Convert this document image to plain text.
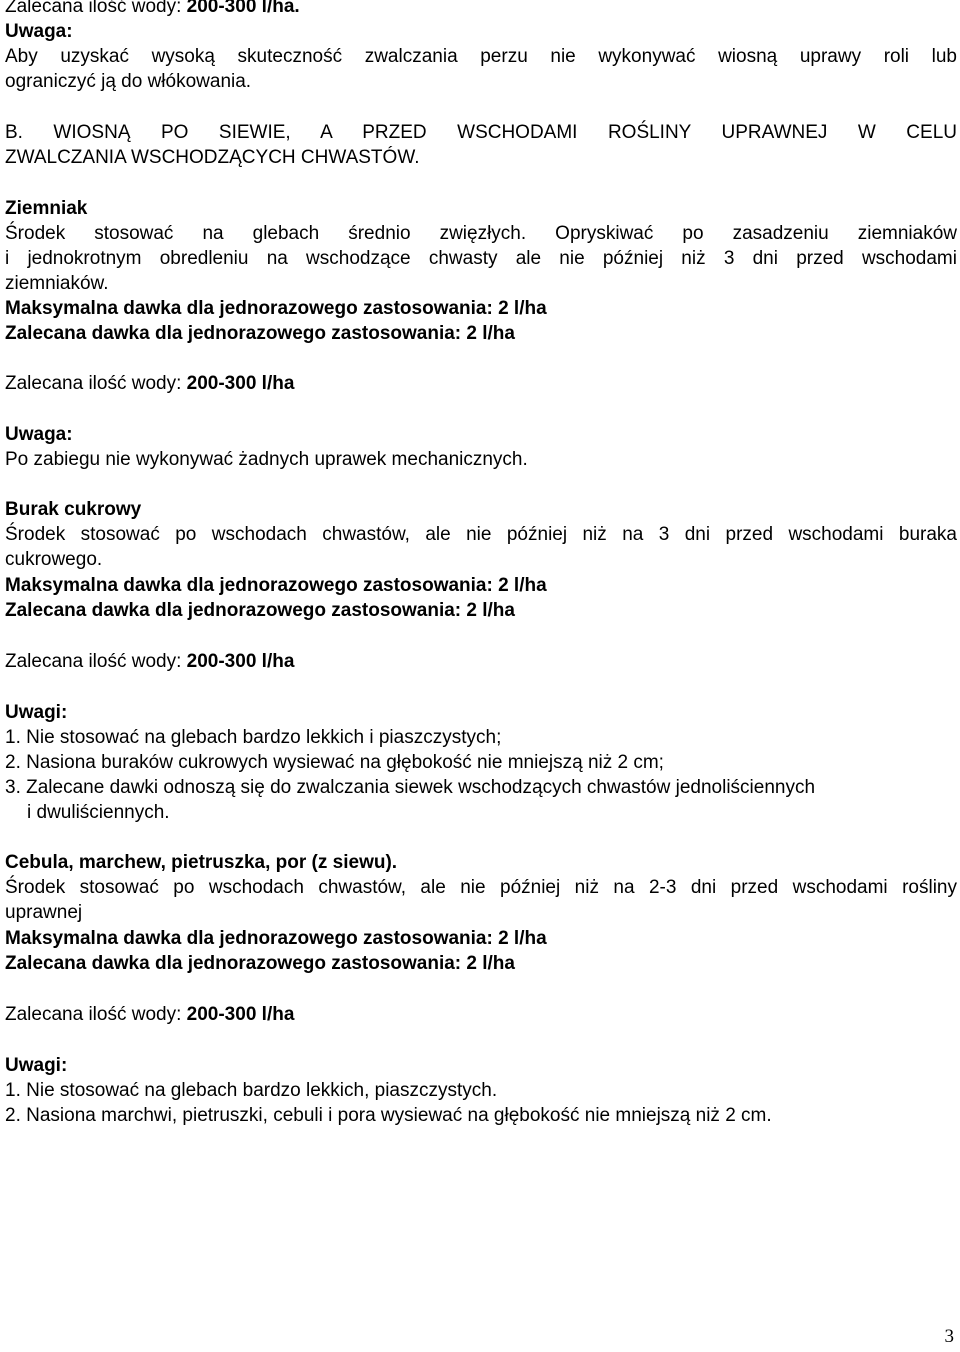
Zalecana ilość wody: 200-300 l/ha.
Uwaga:
Aby uzyskać wysoką skuteczność zwalczania perzu nie wykonywać wiosną uprawy roli lub
ograniczyć ją do włókowania.
B. WIOSNĄ PO SIEWIE, A PRZED WSCHODAMI ROŚLINY UPRAWNEJ W CELU
ZWALCZANIA WSCHODZĄCYCH CHWASTÓW.
Ziemniak
Środek stosować na glebach średnio zwięzłych. Opryskiwać po zasadzeniu ziemniaków
i jednokrotnym obredleniu na wschodzące chwasty ale nie później niż 3 dni przed wschodami
ziemniaków.
Maksymalna dawka dla jednorazowego zastosowania: 2 l/ha
Zalecana dawka dla jednorazowego zastosowania: 2 l/ha
Zalecana ilość wody: 200-300 l/ha
Uwaga:
Po zabiegu nie wykonywać żadnych uprawek mechanicznych.
Burak cukrowy
Środek stosować po wschodach chwastów, ale nie później niż na 3 dni przed wschodami buraka
cukrowego.
Maksymalna dawka dla jednorazowego zastosowania: 2 l/ha
Zalecana dawka dla jednorazowego zastosowania: 2 l/ha
Zalecana ilość wody: 200-300 l/ha
Uwagi:
1. Nie stosować na glebach bardzo lekkich i piaszczystych;
2. Nasiona buraków cukrowych wysiewać na głębokość nie mniejszą niż 2 cm;
3. Zalecane dawki odnoszą się do zwalczania siewek wschodzących chwastów jednoliściennych
i dwuliściennych.
Cebula, marchew, pietruszka, por (z siewu).
Środek stosować po wschodach chwastów, ale nie później niż na 2-3 dni przed wschodami rośliny
uprawnej
Maksymalna dawka dla jednorazowego zastosowania: 2 l/ha
Zalecana dawka dla jednorazowego zastosowania: 2 l/ha
Zalecana ilość wody: 200-300 l/ha
Uwagi:
1. Nie stosować na glebach bardzo lekkich, piaszczystych.
2. Nasiona marchwi, pietruszki, cebuli i pora wysiewać na głębokość nie mniejszą niż 2 cm.
3
